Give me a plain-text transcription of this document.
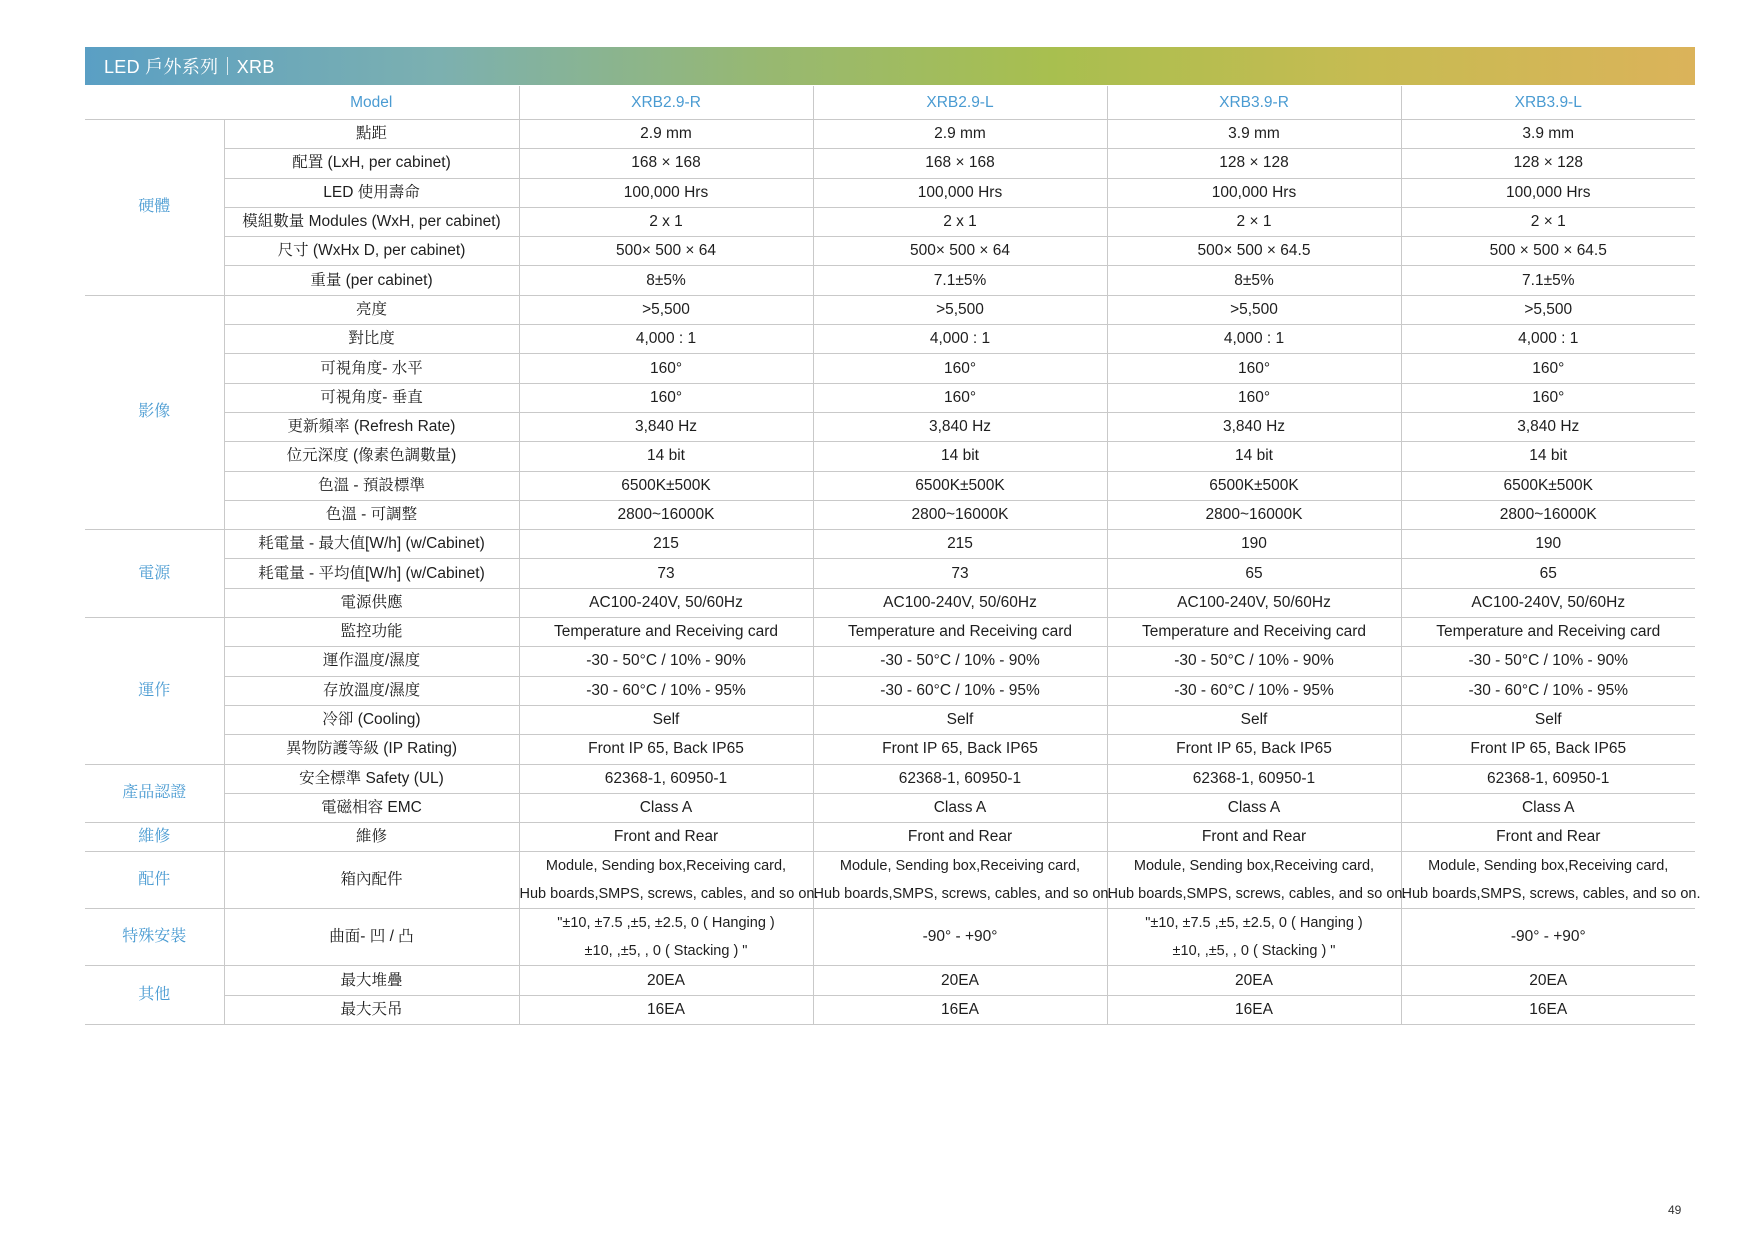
LED 戶外系列｜XRB
	Model	XRB2.9-R	XRB2.9-L	XRB3.9-R	XRB3.9-L
硬體	點距	2.9 mm	2.9 mm	3.9 mm	3.9 mm
	配置 (LxH, per cabinet)	168 × 168	168 × 168	128 × 128	128 × 128
	LED 使用壽命	100,000 Hrs	100,000 Hrs	100,000 Hrs	100,000 Hrs
	模組數量 Modules (WxH, per cabinet)	2 x 1	2 x 1	2 × 1	2 × 1
	尺寸 (WxHx D, per cabinet)	500× 500 × 64	500× 500 × 64	500× 500 × 64.5	500 × 500 × 64.5
	重量 (per cabinet)	8±5%	7.1±5%	8±5%	7.1±5%
影像	亮度	>5,500	>5,500	>5,500	>5,500
	對比度	4,000 : 1	4,000 : 1	4,000 : 1	4,000 : 1
	可視角度- 水平	160°	160°	160°	160°
	可視角度- 垂直	160°	160°	160°	160°
	更新頻率 (Refresh Rate)	3,840 Hz	3,840 Hz	3,840 Hz	3,840 Hz
	位元深度 (像素色調數量)	14 bit	14 bit	14 bit	14 bit
	色溫 - 預設標準	6500K±500K	6500K±500K	6500K±500K	6500K±500K
	色溫 - 可調整	2800~16000K	2800~16000K	2800~16000K	2800~16000K
電源	耗電量 - 最大值[W/h] (w/Cabinet)	215	215	190	190
	耗電量 - 平均值[W/h] (w/Cabinet)	73	73	65	65
	電源供應	AC100-240V, 50/60Hz	AC100-240V, 50/60Hz	AC100-240V, 50/60Hz	AC100-240V, 50/60Hz
運作	監控功能	Temperature and Receiving card	Temperature and Receiving card	Temperature and Receiving card	Temperature and Receiving card
	運作溫度/濕度	-30 - 50°C / 10% - 90%	-30 - 50°C / 10% - 90%	-30 - 50°C / 10% - 90%	-30 - 50°C / 10% - 90%
	存放溫度/濕度	-30 - 60°C / 10% - 95%	-30 - 60°C / 10% - 95%	-30 - 60°C / 10% - 95%	-30 - 60°C / 10% - 95%
	冷卻 (Cooling)	Self	Self	Self	Self
	異物防護等級 (IP Rating)	Front IP 65, Back IP65	Front IP 65, Back IP65	Front IP 65, Back IP65	Front IP 65, Back IP65
產品認證	安全標準 Safety (UL)	62368-1, 60950-1	62368-1, 60950-1	62368-1, 60950-1	62368-1, 60950-1
	電磁相容 EMC	Class A	Class A	Class A	Class A
維修	維修	Front and Rear	Front and Rear	Front and Rear	Front and Rear
配件	箱內配件	Module, Sending box,Receiving card,
Hub boards,SMPS, screws, cables, and so on.	Module, Sending box,Receiving card,
Hub boards,SMPS, screws, cables, and so on.	Module, Sending box,Receiving card,
Hub boards,SMPS, screws, cables, and so on.	Module, Sending box,Receiving card,
Hub boards,SMPS, screws, cables, and so on.

特殊安裝	曲面- 凹 / 凸	"±10, ±7.5 ,±5, ±2.5, 0 ( Hanging )
±10, ,±5, , 0 ( Stacking ) "	-90° - +90°	"±10, ±7.5 ,±5, ±2.5, 0 ( Hanging )
±10, ,±5, , 0 ( Stacking ) "	-90° - +90°
其他	最大堆疊	20EA	20EA	20EA	20EA
	最大天吊	16EA	16EA	16EA	16EA
49
